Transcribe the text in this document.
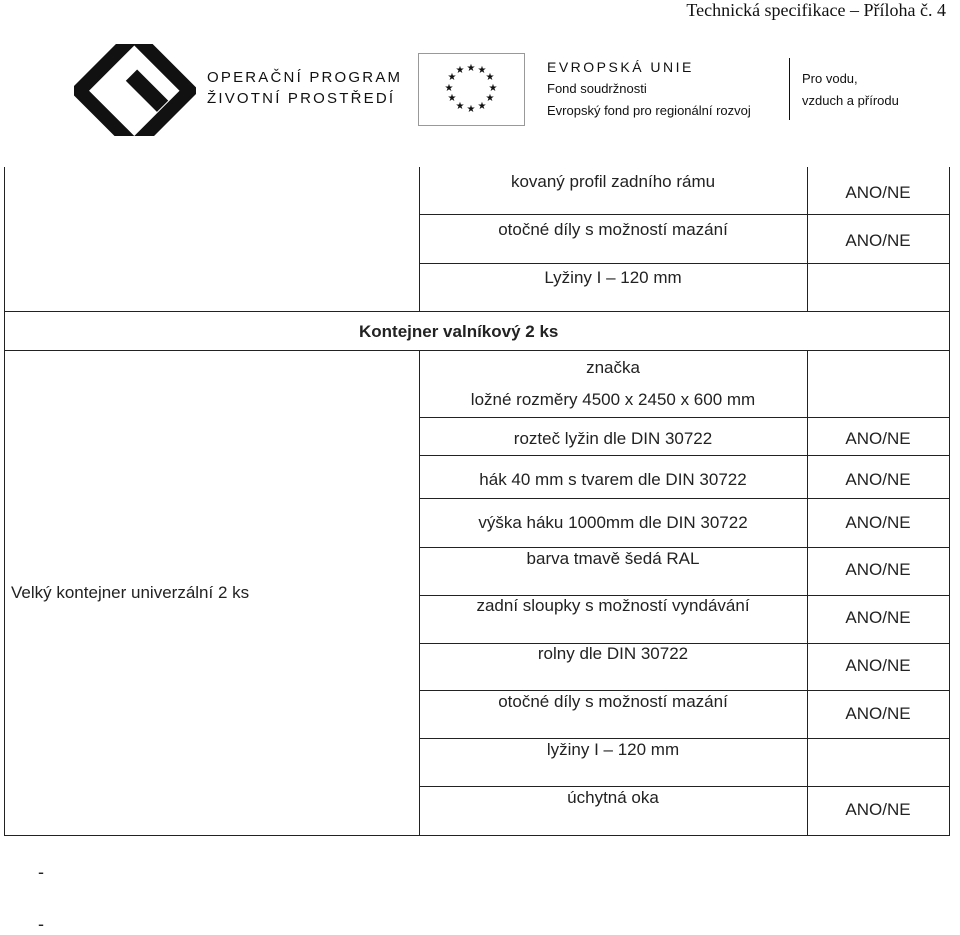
Technická specifikace – Příloha č. 4
OPERAČNÍ PROGRAM
ŽIVOTNÍ PROSTŘEDÍ
★ ★
★
★
★
★
★
★
★
★
★
★	EVROPSKÁ UNIE
Fond soudržnosti
Evropský fond pro regionální rozvoj
Pro vodu,
vzduch a přírodu
kovaný profil zadního rámu
otočné díly s možností mazání
Lyžiny I – 120 mm
ANO/NE
ANO/NE
Kontejner valníkový 2 ks
Velký kontejner univerzální 2 ks
značka
ložné rozměry 4500 x 2450 x 600 mm
rozteč lyžin dle DIN 30722
hák 40 mm s tvarem dle DIN 30722
výška háku 1000mm dle DIN 30722
barva tmavě šedá RAL
zadní sloupky s možností vyndávání
rolny dle DIN 30722
otočné díly s možností mazání
lyžiny I – 120 mm
úchytná oka
ANO/NE
ANO/NE
ANO/NE
ANO/NE
ANO/NE
ANO/NE
ANO/NE
ANO/NE
-
-
